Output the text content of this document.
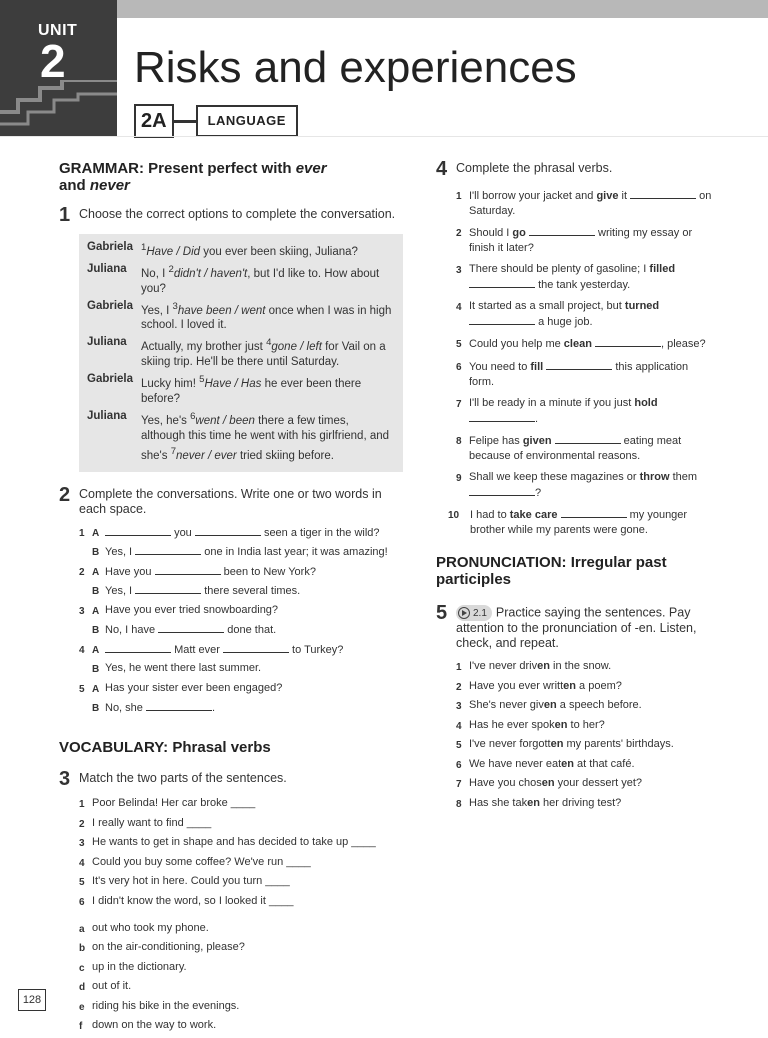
UNIT
2 Risks and experiences
2A	LANGUAGE
GRAMMAR: Present perfect with ever
and never
1 Choose the correct options to complete the conversation.
Gabriela $^1$Have / Did you ever been skiing, Juliana?
Juliana	No, I $^2$didn't / haven't, but I'd like to. How about you?
Gabriela Yes, I $^3$have been / went once when I was in high school. I loved it.
Juliana	Actually, my brother just $^4$gone / left for Vail on a skiing trip. He'll be there until Saturday.
Gabriela Lucky him! $^5$Have / Has he ever been there before?
Juliana	Yes, he's $^6$went / been there a few times, although this time he went with his girlfriend, and she's $^7$never / ever tried skiing before.
2 Complete the conversations. Write one or two words in each space.
1 A	you	seen a tiger in the wild?
B Yes, I	one in India last year; it was amazing!
2 A Have you	been to New York?
B Yes, I	there several times.
3 A Have you ever tried snowboarding?
B No, I have	done that.
4 A	Matt ever	to Turkey?
B Yes, he went there last summer.
5 A Has your sister ever been engaged?
B No, she	.
VOCABULARY: Phrasal verbs
3 Match the two parts of the sentences.
1 Poor Belinda! Her car broke ____
2 I really want to find ____
3 He wants to get in shape and has decided to take up ____
4 Could you buy some coffee? We've run ____
5 It's very hot in here. Could you turn ____
6 I didn't know the word, so I looked it ____
a out who took my phone.
b on the air-conditioning, please?
c up in the dictionary.
d out of it.
e riding his bike in the evenings.
f down on the way to work.
4 Complete the phrasal verbs.
1 I'll borrow your jacket and give it	on Saturday.
2 Should I go	writing my essay or finish it later?
3 There should be plenty of gasoline; I filled  the tank yesterday.
4 It started as a small project, but turned  a huge job.
5 Could you help me clean	, please?
6 You need to fill	this application form.
7 I'll be ready in a minute if you just hold .
8 Felipe has given	eating meat because of environmental reasons.
9 Shall we keep these magazines or throw them ?
10 I had to take care	my younger brother while my parents were gone.
PRONUNCIATION: Irregular past participles
5	2.1 Practice saying the sentences. Pay attention to the pronunciation of -en. Listen, check, and repeat.
1 I've never driven in the snow.
2 Have you ever written a poem?
3 She's never given a speech before.
4 Has he ever spoken to her?
5 I've never forgotten my parents' birthdays.
6 We have never eaten at that café.
7 Have you chosen your dessert yet?
8 Has she taken her driving test?
128
